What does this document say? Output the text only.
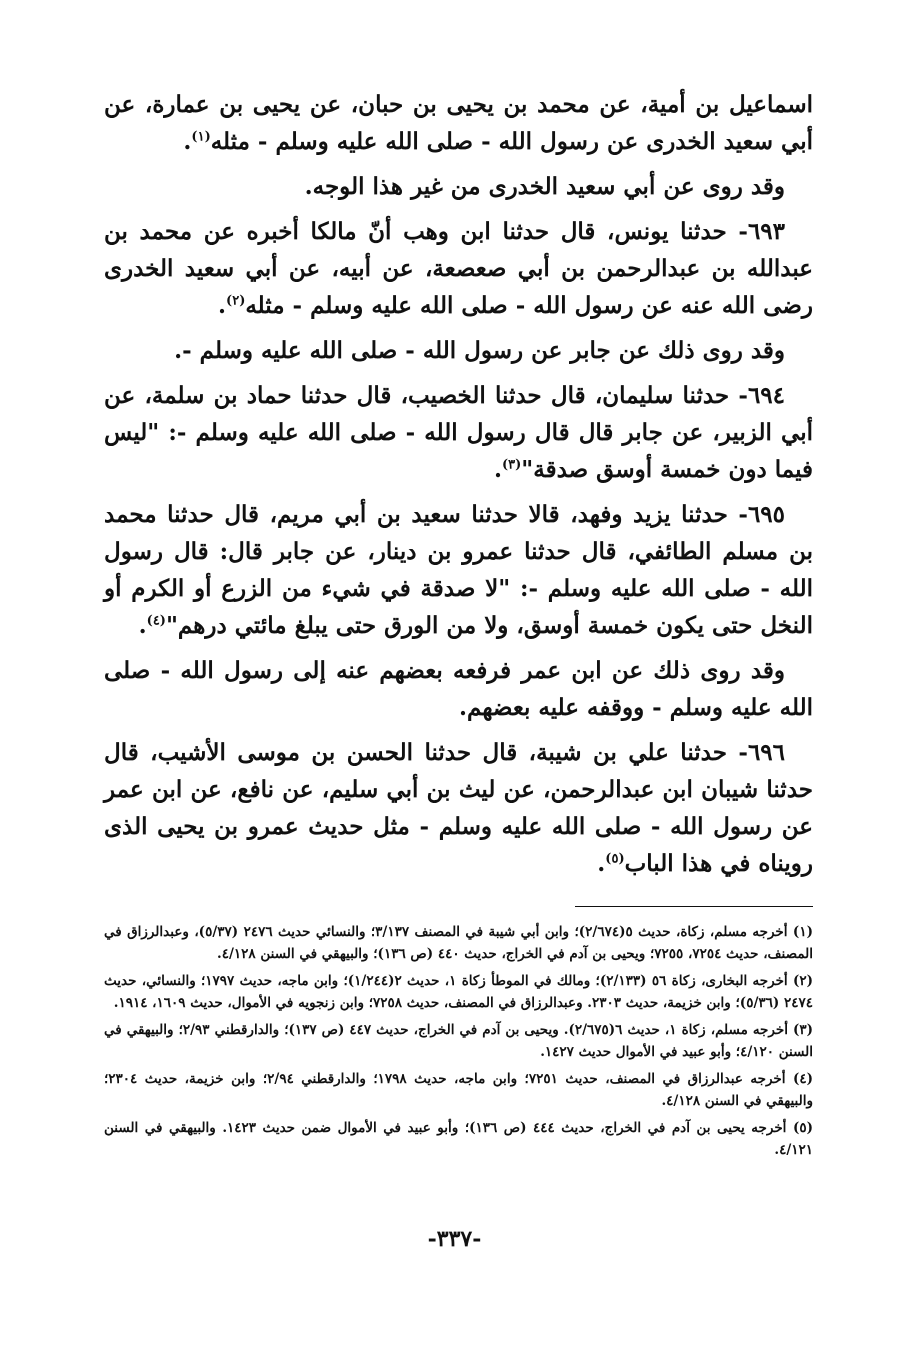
اسماعيل بن أمية، عن محمد بن يحيى بن حبان، عن يحيى بن عمارة، عن أبي سعيد الخدرى عن رسول الله - صلى الله عليه وسلم - مثله$^{(١)}$.

وقد روى عن أبي سعيد الخدرى من غير هذا الوجه.

٦٩٣- حدثنا يونس، قال حدثنا ابن وهب أنّ مالكا أخبره عن محمد بن عبدالله بن عبدالرحمن بن أبي صعصعة، عن أبيه، عن أبي سعيد الخدرى رضى الله عنه عن رسول الله - صلى الله عليه وسلم - مثله$^{(٢)}$.

وقد روى ذلك عن جابر عن رسول الله - صلى الله عليه وسلم -.

٦٩٤- حدثنا سليمان، قال حدثنا الخصيب، قال حدثنا حماد بن سلمة، عن أبي الزبير، عن جابر قال قال رسول الله - صلى الله عليه وسلم -: "ليس فيما دون خمسة أوسق صدقة"$^{(٣)}$.

٦٩٥- حدثنا يزيد وفهد، قالا حدثنا سعيد بن أبي مريم، قال حدثنا محمد بن مسلم الطائفي، قال حدثنا عمرو بن دينار، عن جابر قال: قال رسول الله - صلى الله عليه وسلم -: "لا صدقة في شيء من الزرع أو الكرم أو النخل حتى يكون خمسة أوسق، ولا من الورق حتى يبلغ مائتي درهم"$^{(٤)}$.

وقد روى ذلك عن ابن عمر فرفعه بعضهم عنه إلى رسول الله - صلى الله عليه وسلم - ووقفه عليه بعضهم.

٦٩٦- حدثنا علي بن شيبة، قال حدثنا الحسن بن موسى الأشيب، قال حدثنا شيبان ابن عبدالرحمن، عن ليث بن أبي سليم، عن نافع، عن ابن عمر عن رسول الله - صلى الله عليه وسلم - مثل حديث عمرو بن يحيى الذى رويناه في هذا الباب$^{(٥)}$.

(١) أخرجه مسلم، زكاة، حديث ٥(٢/٦٧٤)؛ وابن أبي شيبة في المصنف ٣/١٣٧؛ والنسائي حديث ٢٤٧٦ (٥/٣٧)، وعبدالرزاق في المصنف، حديث ٧٢٥٤، ٧٢٥٥؛ ويحيى بن آدم في الخراج، حديث ٤٤٠ (ص ١٣٦)؛ والبيهقي في السنن ٤/١٢٨.

(٢) أخرجه البخارى، زكاة ٥٦ (٢/١٣٣)؛ ومالك في الموطأ زكاة ١، حديث ٢(١/٢٤٤)؛ وابن ماجه، حديث ١٧٩٧؛ والنسائي، حديث ٢٤٧٤ (٥/٣٦)؛ وابن خزيمة، حديث ٢٣٠٣. وعبدالرزاق في المصنف، حديث ٧٢٥٨؛ وابن زنجويه في الأموال، حديث ١٦٠٩، ١٩١٤.

(٣) أخرجه مسلم، زكاة ١، حديث ٦(٢/٦٧٥). ويحيى بن آدم في الخراج، حديث ٤٤٧ (ص ١٣٧)؛ والدارقطني ٢/٩٣؛ والبيهقي في السنن ٤/١٢٠؛ وأبو عبيد في الأموال حديث ١٤٢٧.

(٤) أخرجه عبدالرزاق في المصنف، حديث ٧٢٥١؛ وابن ماجه، حديث ١٧٩٨؛ والدارقطني ٢/٩٤؛ وابن خزيمة، حديث ٢٣٠٤؛ والبيهقي في السنن ٤/١٢٨.

(٥) أخرجه يحيى بن آدم في الخراج، حديث ٤٤٤ (ص ١٣٦)؛ وأبو عبيد في الأموال ضمن حديث ١٤٢٣. والبيهقي في السنن ٤/١٢١.

-٣٣٧-
